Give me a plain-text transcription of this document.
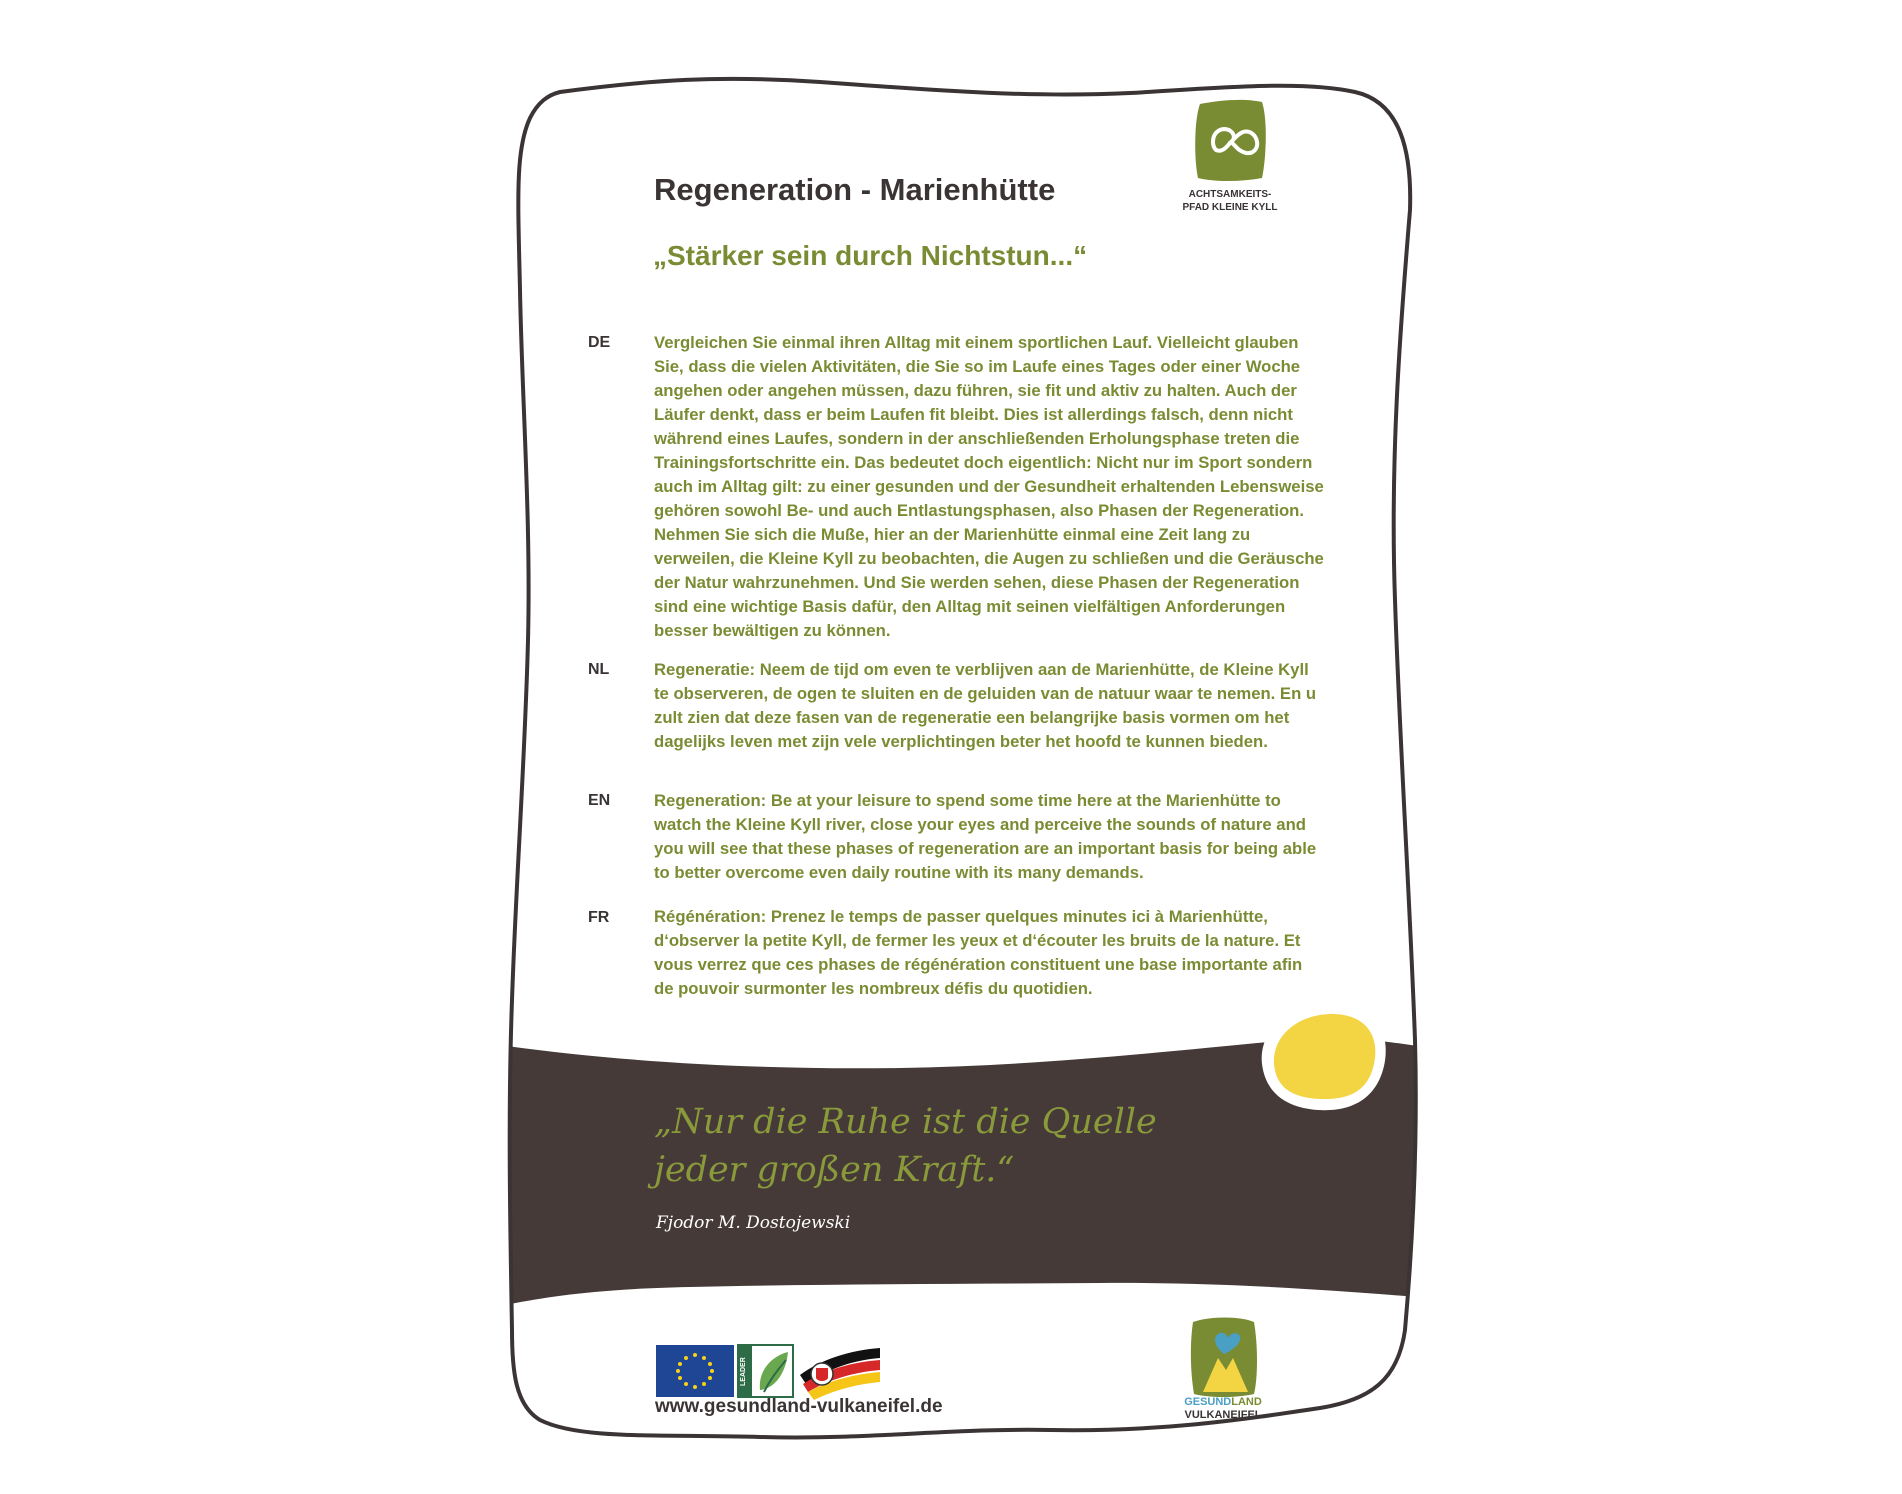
Regeneration - Marienhütte
„Stärker sein durch Nichtstun...“
ACHTSAMKEITS-
PFAD KLEINE KYLL
DE	Vergleichen Sie einmal ihren Alltag mit einem sportlichen Lauf. Vielleicht glauben Sie, dass die vielen Aktivitäten, die Sie so im Laufe eines Tages oder einer Woche angehen oder angehen müssen, dazu führen, sie fit und aktiv zu halten. Auch der Läufer denkt, dass er beim Laufen fit bleibt. Dies ist allerdings falsch, denn nicht während eines Laufes, sondern in der anschließenden Erholungsphase treten die Trainingsfortschritte ein. Das bedeutet doch eigentlich: Nicht nur im Sport sondern auch im Alltag gilt: zu einer gesunden und der Gesundheit erhaltenden Lebensweise gehören sowohl Be- und auch Entlastungsphasen, also Phasen der Regeneration. Nehmen Sie sich die Muße, hier an der Marienhütte einmal eine Zeit lang zu verweilen, die Kleine Kyll zu beobachten, die Augen zu schließen und die Geräusche der Natur wahrzunehmen. Und Sie werden sehen, diese Phasen der Regeneration sind eine wichtige Basis dafür, den Alltag mit seinen vielfältigen Anforderungen besser bewältigen zu können.
NL	Regeneratie: Neem de tijd om even te verblijven aan de Marienhütte, de Kleine Kyll te observeren, de ogen te sluiten en de geluiden van de natuur waar te nemen. En u zult zien dat deze fasen van de regeneratie een belangrijke basis vormen om het dagelijks leven met zijn vele verplichtingen beter het hoofd te kunnen bieden.
EN	Regeneration: Be at your leisure to spend some time here at the Marienhütte to watch the Kleine Kyll river, close your eyes and perceive the sounds of nature and you will see that these phases of regeneration are an important basis for being able to better overcome even daily routine with its many demands.
FR	Régénération: Prenez le temps de passer quelques minutes ici à Marienhütte, d‘observer la petite Kyll, de fermer les yeux et d‘écouter les bruits de la nature. Et vous verrez que ces phases de régénération constituent une base importante afin de pouvoir surmonter les nombreux défis du quotidien.
„Nur die Ruhe ist die Quelle jeder großen Kraft.“
Fjodor M. Dostojewski
LEADER
www.gesundland-vulkaneifel.de	GESUNDLAND
VULKANEIFEL
